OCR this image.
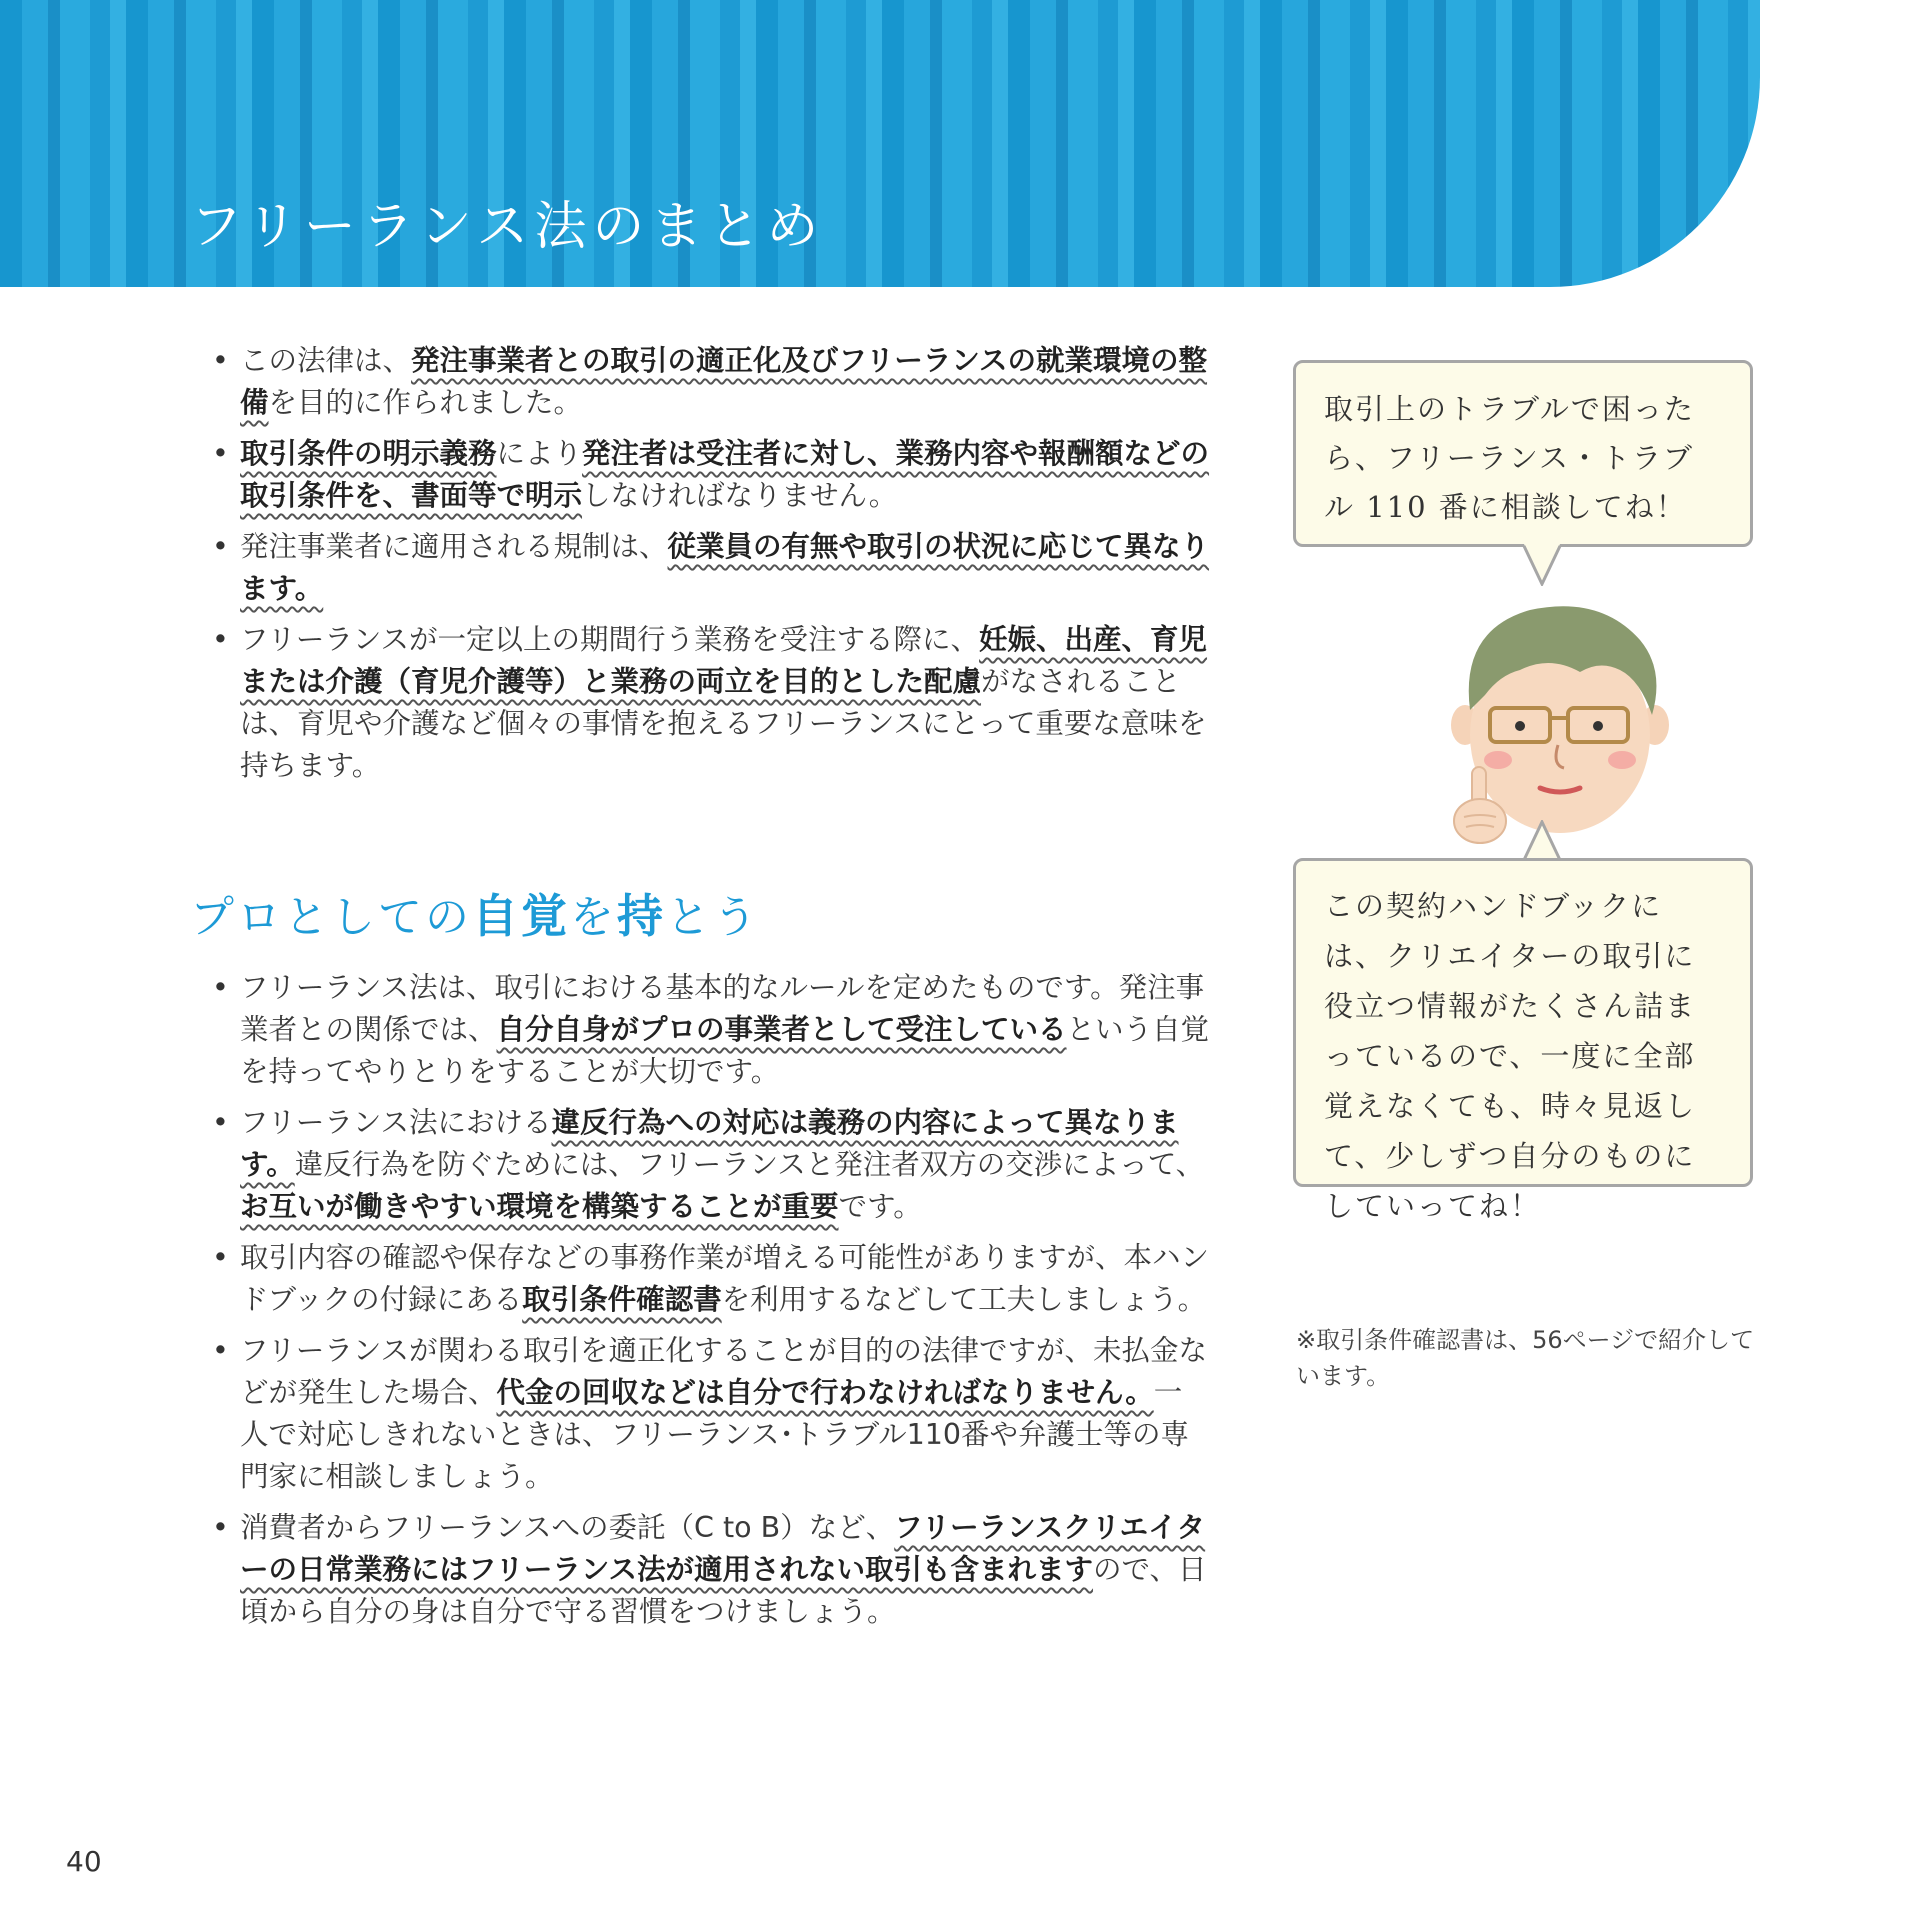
フリーランス法のまとめ
• この法律は、発注事業者との取引の適正化及びフリーランスの就業環境の整備を目的に作られました。
• 取引条件の明示義務により発注者は受注者に対し、業務内容や報酬額などの取引条件を、書面等で明示しなければなりません。
• 発注事業者に適用される規制は、従業員の有無や取引の状況に応じて異なります。
• フリーランスが一定以上の期間行う業務を受注する際に、妊娠、出産、育児または介護（育児介護等）と業務の両立を目的とした配慮がなされることは、育児や介護など個々の事情を抱えるフリーランスにとって重要な意味を持ちます。
プロとしての自覚を持とう
• フリーランス法は、取引における基本的なルールを定めたものです。発注事業者との関係では、自分自身がプロの事業者として受注しているという自覚を持ってやりとりをすることが大切です。
• フリーランス法における違反行為への対応は義務の内容によって異なります。違反行為を防ぐためには、フリーランスと発注者双方の交渉によって、お互いが働きやすい環境を構築することが重要です。
• 取引内容の確認や保存などの事務作業が増える可能性がありますが、本ハンドブックの付録にある取引条件確認書を利用するなどして工夫しましょう。
• フリーランスが関わる取引を適正化することが目的の法律ですが、未払金などが発生した場合、代金の回収などは自分で行わなければなりません。一人で対応しきれないときは、フリーランス･トラブル110番や弁護士等の専門家に相談しましょう。
• 消費者からフリーランスへの委託（C to B）など、フリーランスクリエイターの日常業務にはフリーランス法が適用されない取引も含まれますので、日頃から自分の身は自分で守る習慣をつけましょう。
取引上のトラブルで困ったら、フリーランス・トラブル 110 番に相談してね！
この契約ハンドブックには、クリエイターの取引に役立つ情報がたくさん詰まっているので、一度に全部覚えなくても、時々見返して、少しずつ自分のものにしていってね！

※取引条件確認書は、56ページで紹介しています。

40
